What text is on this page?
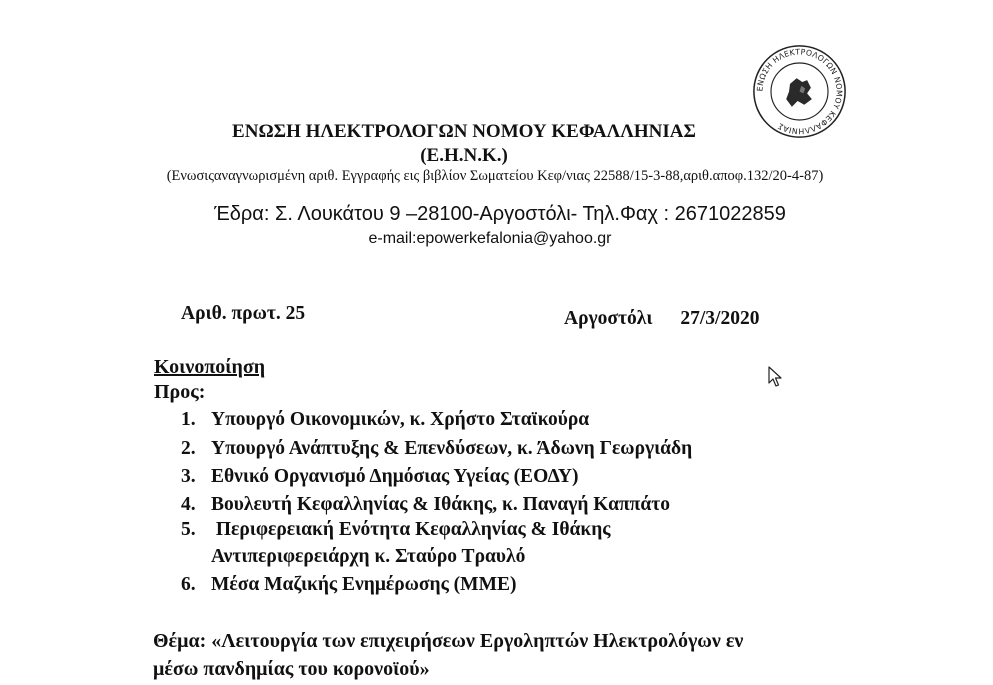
ΕΝΩΣΗ ΗΛΕΚΤΡΟΛΟΓΩΝ ΝΟΜΟΥ ΚΕΦΑΛΛΗΝΙΑΣ
ΕΝΩΣΗ ΗΛΕΚΤΡΟΛΟΓΩΝ ΝΟΜΟΥ ΚΕΦΑΛΛΗΝΙΑΣ
(Ε.Η.Ν.Κ.)
(Ενωσιςαναγνωρισμένη αριθ. Εγγραφής εις βιβλίον Σωματείου Κεφ/νιας 22588/15-3-88,αριθ.αποφ.132/20-4-87)
Έδρα: Σ. Λουκάτου 9 –28100-Αργοστόλι- Τηλ.Φαχ : 2671022859
e-mail:epowerkefalonia@yahoo.gr
Αριθ. πρωτ. 25	Αργοστόλι 27/3/2020
Κοινοποίηση
Προς:
1. Υπουργό Οικονομικών, κ. Χρήστο Σταϊκούρα
2. Υπουργό Ανάπτυξης & Επενδύσεων, κ. Άδωνη Γεωργιάδη
3. Εθνικό Οργανισμό Δημόσιας Υγείας (ΕΟΔΥ)
4. Βουλευτή Κεφαλληνίας & Ιθάκης, κ. Παναγή Καππάτο
5. Περιφερειακή Ενότητα Κεφαλληνίας & Ιθάκης
Αντιπεριφερειάρχη κ. Σταύρο Τραυλό
6. Μέσα Μαζικής Ενημέρωσης (ΜΜΕ)
Θέμα: «Λειτουργία των επιχειρήσεων Εργοληπτών Ηλεκτρολόγων εν
μέσω πανδημίας του κορονοϊού»
